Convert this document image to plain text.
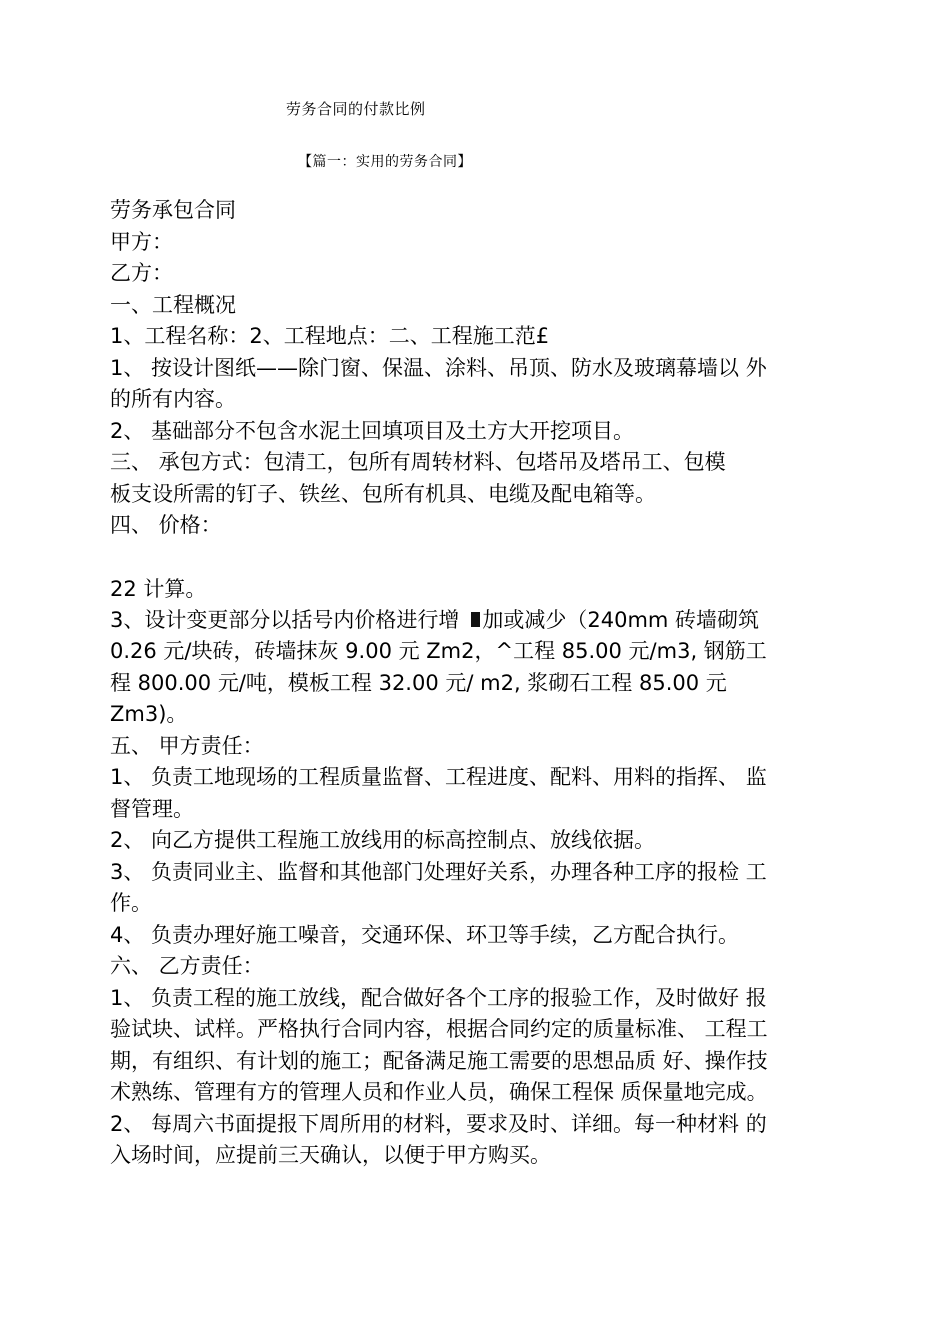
劳务合同的付款比例
【篇一：实用的劳务合同】
劳务承包合同
甲方：
乙方：
一、工程概况
1、工程名称：2、工程地点：二、工程施工范£
1、 按设计图纸——除门窗、保温、涂料、吊顶、防水及玻璃幕墙以 外
的所有内容。
2、 基础部分不包含水泥土回填项目及土方大开挖项目。
三、 承包方式：包清工，包所有周转材料、包塔吊及塔吊工、包模
板支设所需的钉子、铁丝、包所有机具、电缆及配电箱等。
四、 价格：
22 计算。
3、设计变更部分以括号内价格进行增 加或减少（240mm 砖墙砌筑
0.26 元/块砖，砖墙抹灰 9.00 元 Zm2，^工程 85.00 元/m3, 钢筋工
程 800.00 元/吨，模板工程 32.00 元/ m2, 浆砌石工程 85.00 元
Zm3)。
五、 甲方责任：
1、 负责工地现场的工程质量监督、工程进度、配料、用料的指挥、 监
督管理。
2、 向乙方提供工程施工放线用的标高控制点、放线依据。
3、 负责同业主、监督和其他部门处理好关系，办理各种工序的报检 工
作。
4、 负责办理好施工噪音，交通环保、环卫等手续，乙方配合执行。
六、 乙方责任：
1、 负责工程的施工放线，配合做好各个工序的报验工作，及时做好 报
验试块、试样。严格执行合同内容，根据合同约定的质量标准、 工程工
期，有组织、有计划的施工；配备满足施工需要的思想品质 好、操作技
术熟练、管理有方的管理人员和作业人员，确保工程保 质保量地完成。
2、 每周六书面提报下周所用的材料，要求及时、详细。每一种材料 的
入场时间，应提前三天确认，以便于甲方购买。
